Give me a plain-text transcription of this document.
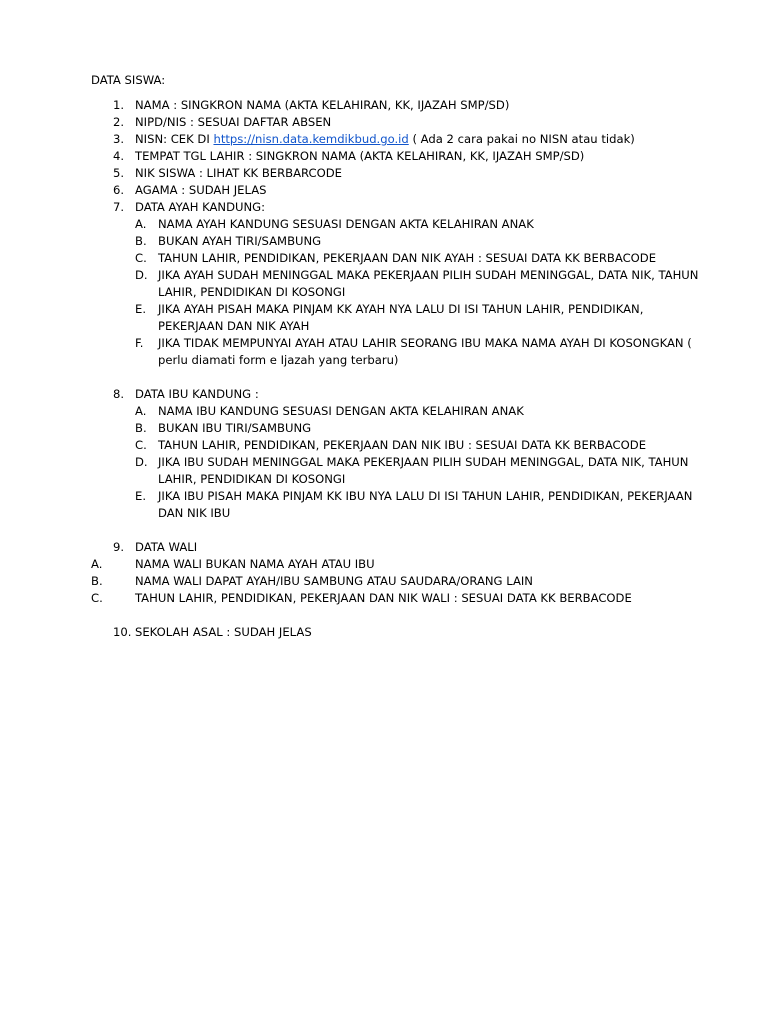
DATA SISWA:
1. NAMA : SINGKRON NAMA (AKTA KELAHIRAN, KK, IJAZAH SMP/SD)
2. NIPD/NIS : SESUAI DAFTAR ABSEN
3. NISN: CEK DI https://nisn.data.kemdikbud.go.id ( Ada 2 cara pakai no NISN atau tidak)
4. TEMPAT TGL LAHIR : SINGKRON NAMA (AKTA KELAHIRAN, KK, IJAZAH SMP/SD)
5. NIK SISWA : LIHAT KK BERBARCODE
6. AGAMA : SUDAH JELAS
7. DATA AYAH KANDUNG:
A. NAMA AYAH KANDUNG SESUASI DENGAN AKTA KELAHIRAN ANAK
B. BUKAN AYAH TIRI/SAMBUNG
C. TAHUN LAHIR, PENDIDIKAN, PEKERJAAN DAN NIK AYAH : SESUAI DATA KK BERBACODE
D. JIKA AYAH SUDAH MENINGGAL MAKA PEKERJAAN PILIH SUDAH MENINGGAL, DATA NIK, TAHUN LAHIR, PENDIDIKAN DI KOSONGI
E.	JIKA AYAH PISAH MAKA PINJAM KK AYAH NYA LALU DI ISI TAHUN LAHIR, PENDIDIKAN, PEKERJAAN DAN NIK AYAH
F.	JIKA TIDAK MEMPUNYAI AYAH ATAU LAHIR SEORANG IBU MAKA NAMA AYAH DI KOSONGKAN ( perlu diamati form e Ijazah yang terbaru)
8. DATA IBU KANDUNG :
A. NAMA IBU KANDUNG SESUASI DENGAN AKTA KELAHIRAN ANAK
B. BUKAN IBU TIRI/SAMBUNG
C. TAHUN LAHIR, PENDIDIKAN, PEKERJAAN DAN NIK IBU : SESUAI DATA KK BERBACODE
D. JIKA IBU SUDAH MENINGGAL MAKA PEKERJAAN PILIH SUDAH MENINGGAL, DATA NIK, TAHUN LAHIR, PENDIDIKAN DI KOSONGI
E.	JIKA IBU PISAH MAKA PINJAM KK IBU NYA LALU DI ISI TAHUN LAHIR, PENDIDIKAN, PEKERJAAN DAN NIK IBU
9. DATA WALI
A.	NAMA WALI BUKAN NAMA AYAH ATAU IBU
B.	NAMA WALI DAPAT AYAH/IBU SAMBUNG ATAU SAUDARA/ORANG LAIN
C.	TAHUN LAHIR, PENDIDIKAN, PEKERJAAN DAN NIK WALI : SESUAI DATA KK BERBACODE
10. SEKOLAH ASAL : SUDAH JELAS
